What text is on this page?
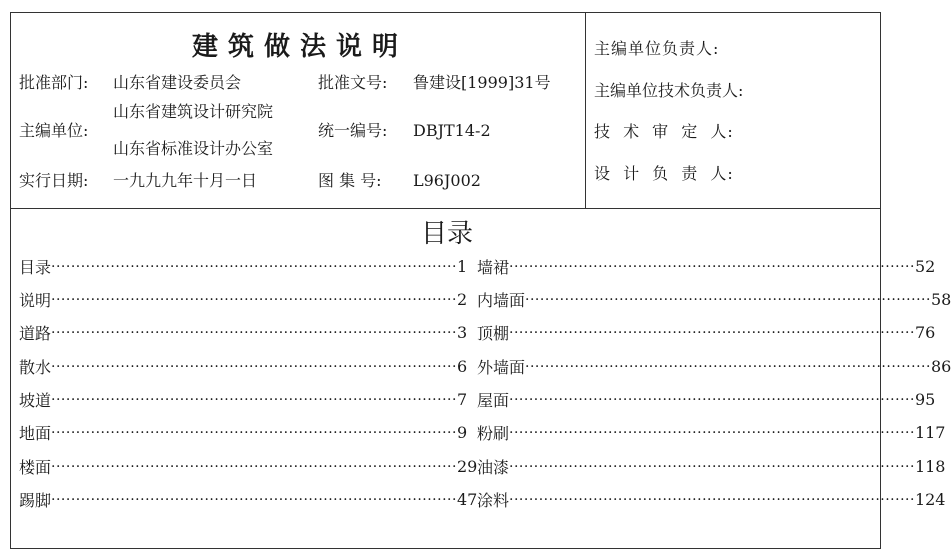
建筑做法说明
批准部门: 山东省建设委员会	批准文号: 鲁建设[1999]31号
主编单位:
山东省建筑设计研究院
山东省标准设计办公室
统一编号: DBJT14-2
实行日期: 一九九九年十月一日	图 集 号: L96J002
主编单位负责人:
主编单位技术负责人:
技 术 审 定 人:
设 计 负 责 人:
目录
目录 ·················································································· 1
说明 ·················································································· 2
道路 ·················································································· 3
散水 ·················································································· 6
坡道 ·················································································· 7
地面 ·················································································· 9
楼面 ·················································································· 29
踢脚 ·················································································· 47
墙裙 ·················································································· 52
内墙面 ·················································································· 58
顶棚 ·················································································· 76
外墙面 ·················································································· 86
屋面 ·················································································· 95
粉刷 ·················································································· 117
油漆 ·················································································· 118
涂料 ·················································································· 124
